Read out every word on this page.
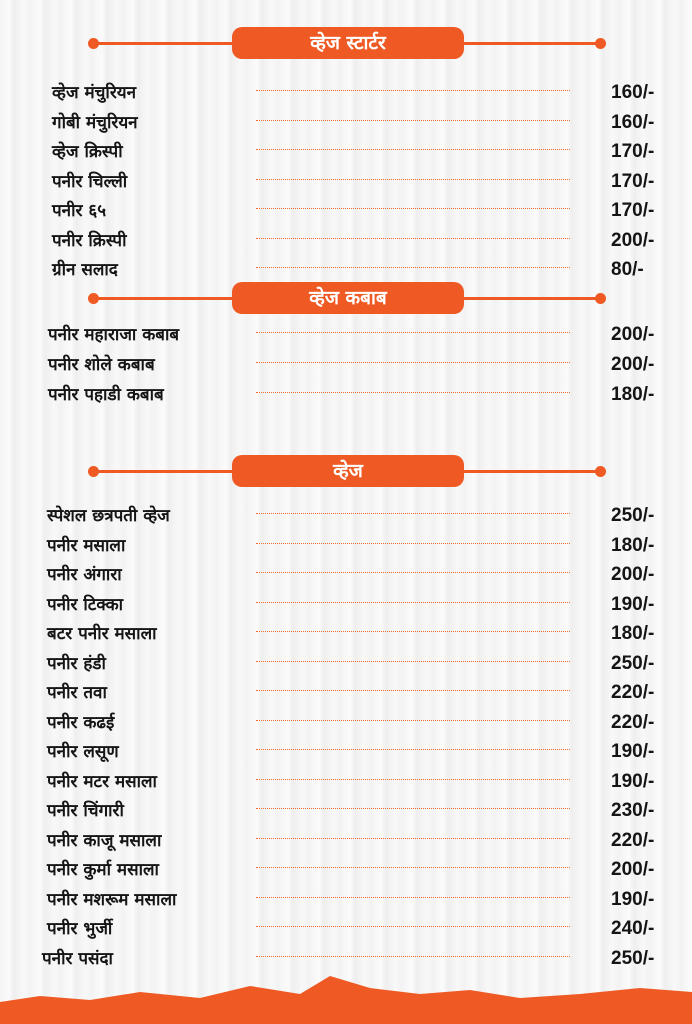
व्हेज स्टार्टर
व्हेज मंचुरियन	160/-
गोबी मंचुरियन	160/-
व्हेज क्रिस्पी	170/-
पनीर चिल्ली	170/-
पनीर ६५	170/-
पनीर क्रिस्पी	200/-
ग्रीन सलाद	80/-
व्हेज कबाब
पनीर महाराजा कबाब	200/-
पनीर शोले कबाब	200/-
पनीर पहाडी कबाब	180/-
व्हेज
स्पेशल छत्रपती व्हेज	250/-
पनीर मसाला	180/-
पनीर अंगारा	200/-
पनीर टिक्का	190/-
बटर पनीर मसाला	180/-
पनीर हंडी	250/-
पनीर तवा	220/-
पनीर कढई	220/-
पनीर लसूण	190/-
पनीर मटर मसाला	190/-
पनीर चिंगारी	230/-
पनीर काजू मसाला	220/-
पनीर कुर्मा मसाला	200/-
पनीर मशरूम मसाला	190/-
पनीर भुर्जी	240/-
पनीर पसंदा	250/-
